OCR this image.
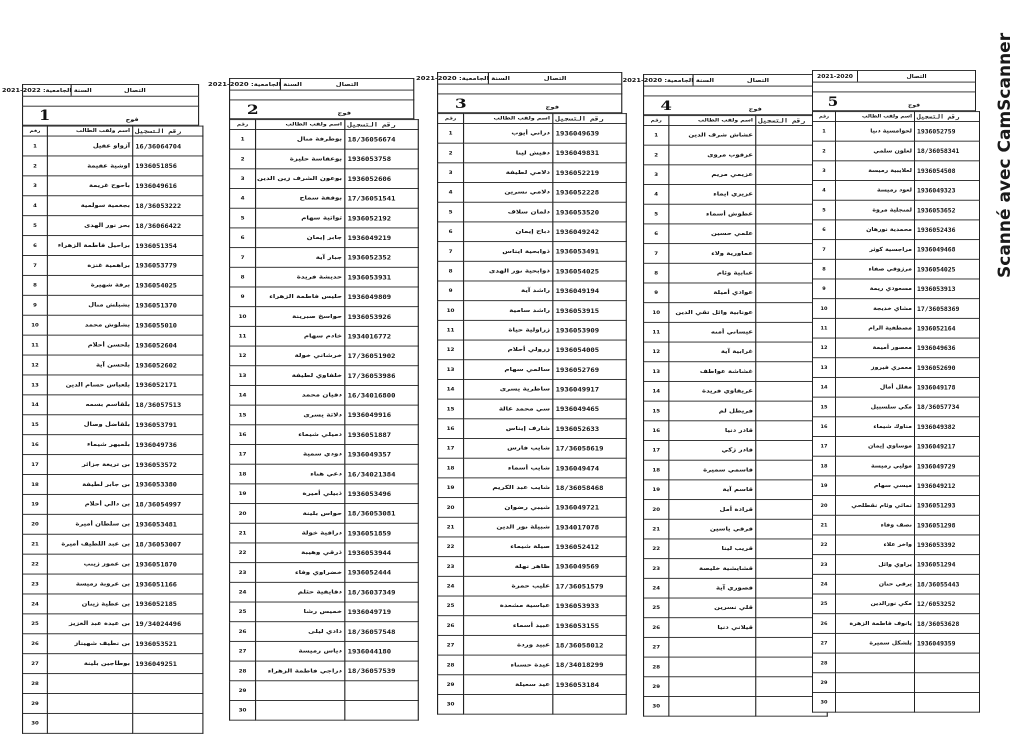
2021-2022 :السنة الجامعية	التصال
1	فوج
رقم	اسم ولقب الطالب	رقم التسجيل
1	آزواو عقيل	16/36064704
2	اوشية عقيمة	1936051856
3	باحوح غريمة	1936049616
4	بجعمية سولمية	18/36053222
5	بحر نور الهدى	18/36066422
6	براحيل فاطمة الزهراء	1936051354
7	براهمية غنزة	1936053779
8	برقة شهيرة	1936054025
9	بشبلش منال	1936051370
10	بشلوش محمد	1936055010
11	بلحسن أحلام	1936052604
12	بلحسن آية	1936052602
13	بلعباس حسام الدين	1936052171
14	بلقاسم بسمه	18/36057513
15	بلقاضل وصال	1936053791
16	بلميهر شيماء	1936049736
17	بن تريعة جزائر	1936053572
18	بن جابر لطيفة	1936053380
19	بن دالي أحلام	18/36054997
20	بن سلطان أميرة	1936053481
21	بن عبد اللطيف أميرة	18/36053007
22	بن عمور زينب	1936051870
23	بن عروبة رميسة	1936051166
24	بن عطية زينان	1936052185
25	بن عيدة عبد العزيز	19/34024496
26	بن نطيف شهيناز	1936053521
27	بوطاجين بلينة	1936049251
28		
29		
30		
2021-2020 :السنة الجامعية	التصال
2	فوج
رقم	اسم ولقب الطالب	رقم التسجيل
1	بوطرفة منال	18/36056674
2	بوعقاسة حليزة	1936053758
3	بوعون الشرف زين الدين	1936052606
4	بوقفة سماح	17/36051541
5	تواتية سهام	1936052192
6	جابر إيمان	1936049219
7	جبار آية	1936052352
8	حديشة فريدة	1936053931
9	حليس فاطمة الزهراء	1936049809
10	حواسخ صبرينة	1936053926
11	خادم سهام	1934016772
12	خرشاني خولة	17/36051902
13	خلفاوي لطيفة	17/36053986
14	دقيان محمد	16/34016800
15	دلاتة يسرى	1936049916
16	دميلي شيماء	1936051887
17	دودي سمية	1936049357
18	دعي هناء	16/34021384
19	ذبيلي أميرة	1936053496
20	حواس بلينة	18/36053081
21	دراقية خولة	1936051859
22	ذرقي وهيبة	1936053944
23	خضراوي وفاء	1936052444
24	دقايقية حتلم	18/36037349
25	خميس رشا	1936049719
26	دادي ليلى	18/36057548
27	دياس رميسة	1936044180
28	دراجي فاطمة الزهراء	18/36057539
29		
30		
2021-2020 :السنة الجامعية	التصال
3	فوج
رقم	اسم ولقب الطالب	رقم التسجيل
1	دراني أيوب	1936049639
2	دقيش لينا	1936049831
3	دلامي لطيفة	1936052219
4	دلامي نسرين	1936052228
5	دلمان سلاف	1936053520
6	دباح إيمان	1936049242
7	ذوابحية ايناس	1936053491
8	ذوابحية نور الهدى	1936054025
9	راشد آية	1936049194
10	راشد سامية	1936053915
11	زراولية حياة	1936053909
12	زرولي أحلام	1936054005
13	سالمي سهام	1936052769
14	ساطرية يسرى	1936049917
15	سي محمد غالة	1936049465
16	شارف إيناس	1936052633
17	شايب فارس	17/36058619
18	شايب أسماء	1936049474
19	شايب عبد الكريم	18/36058468
20	شيبي رضوان	1936049721
21	شبيلة نور الدين	1934017078
22	صيلة شيماء	1936052412
23	ظاهر نهلة	1936049569
24	عليب حمزة	17/36051579
25	عباسية مشعدة	1936053933
26	عبيد أسماء	1936053155
27	عبيد وردة	18/36058012
28	عيدة حسناء	18/34018299
29	عيد سعيلة	1936053184
30		
2021-2020 :السنة الجامعية	التصال
4	فوج
رقم	اسم ولقب الطالب	رقم التسجيل
1	عشاش شرف الدين	
2	عزقوب مروى	
3	عزيمي مريم	
4	عزيزي ايماء	
5	عطوش أسماء	
6	علمي حسين	
7	عماورية ولاء	
8	عنابية وئام	
9	عوادي أميلة	
10	عونابية وائل تقي الدين	
11	عيساني أمنه	
12	غرابية آية	
13	غشاشة عواطف	
14	غريقاوي فريدة	
15	فريطل لم	
16	قادر دنيا	
17	قادر زكي	
18	قاسمي سميرة	
19	قاسم آية	
20	قرادة أمل	
21	قرقي ياسين	
22	قريب لينا	
23	قشايشية خليصة	
24	قصوري آية	
25	قلي نسرين	
26	قيلاني دنيا	
27		
28		
29		
30		
2021-2020	التصال
5	فوج
رقم	اسم ولقب الطالب	رقم التسجيل
1	لحوامسية دنيا	1936052759
2	لعلون سلمي	18/36058341
3	لعلايبية رميسة	1936054508
4	لعود رميسة	1936049323
5	لمنجلية مروة	1936053652
6	محمدية نورهان	1936052436
7	مراجسية كوثر	1936049468
8	مرزوقي صفاء	1936054025
9	مسعودي ريمة	1936053913
10	مشاي خديجة	17/36058369
11	مصطفية الرام	1936052164
12	معصور أميمة	1936049636
13	معمري فيروز	1936052690
14	مقلل أمال	1936049178
15	مكي سلسبيل	18/36057734
16	مناوك شيماء	1936049382
17	موساوي إيمان	1936049217
18	موليي رميسة	1936049729
19	ميسي سهام	1936049212
20	نمائي وئام نقطلحي	1936051293
21	نصف وفاء	1936051298
22	واخر علاء	1936053392
23	يراوي وائل	1936051294
24	يرقي حنان	18/36055443
25	مكي نورالدين	12/6053252
26	يانوف فاطمة الزهرة	18/36053628
27	بلشكل سميرة	1936049359
28		
29		
30		
Scanné avec CamScanner
